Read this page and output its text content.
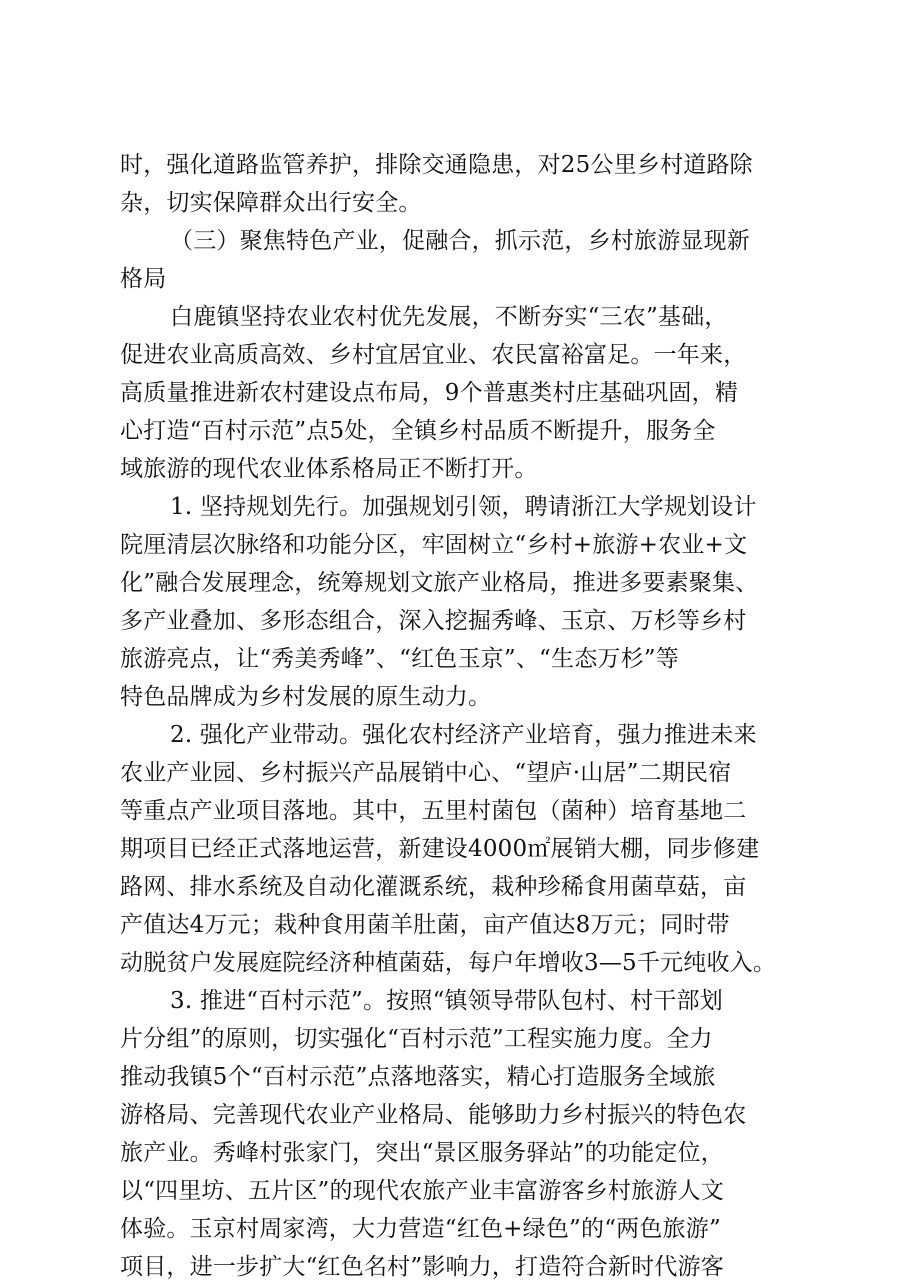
时，强化道路监管养护，排除交通隐患，对25公里乡村道路除
杂，切实保障群众出行安全。
（三）聚焦特色产业，促融合，抓示范，乡村旅游显现新
格局
白鹿镇坚持农业农村优先发展，不断夯实“三农”基础，
促进农业高质高效、乡村宜居宜业、农民富裕富足。一年来，
高质量推进新农村建设点布局，9个普惠类村庄基础巩固，精
心打造“百村示范”点5处，全镇乡村品质不断提升，服务全
域旅游的现代农业体系格局正不断打开。
1. 坚持规划先行。加强规划引领，聘请浙江大学规划设计
院厘清层次脉络和功能分区，牢固树立“乡村+旅游+农业+文
化”融合发展理念，统筹规划文旅产业格局，推进多要素聚集、
多产业叠加、多形态组合，深入挖掘秀峰、玉京、万杉等乡村
旅游亮点，让“秀美秀峰”、“红色玉京”、“生态万杉”等
特色品牌成为乡村发展的原生动力。
2. 强化产业带动。强化农村经济产业培育，强力推进未来
农业产业园、乡村振兴产品展销中心、“望庐·山居”二期民宿
等重点产业项目落地。其中，五里村菌包（菌种）培育基地二
期项目已经正式落地运营，新建设4000㎡展销大棚，同步修建
路网、排水系统及自动化灌溉系统，栽种珍稀食用菌草菇，亩
产值达4万元；栽种食用菌羊肚菌，亩产值达8万元；同时带
动脱贫户发展庭院经济种植菌菇，每户年增收3—5千元纯收入。
3. 推进“百村示范”。按照“镇领导带队包村、村干部划
片分组”的原则，切实强化“百村示范”工程实施力度。全力
推动我镇5个“百村示范”点落地落实，精心打造服务全域旅
游格局、完善现代农业产业格局、能够助力乡村振兴的特色农
旅产业。秀峰村张家门，突出“景区服务驿站”的功能定位，
以“四里坊、五片区”的现代农旅产业丰富游客乡村旅游人文
体验。玉京村周家湾，大力营造“红色+绿色”的“两色旅游”
项目，进一步扩大“红色名村”影响力，打造符合新时代游客
